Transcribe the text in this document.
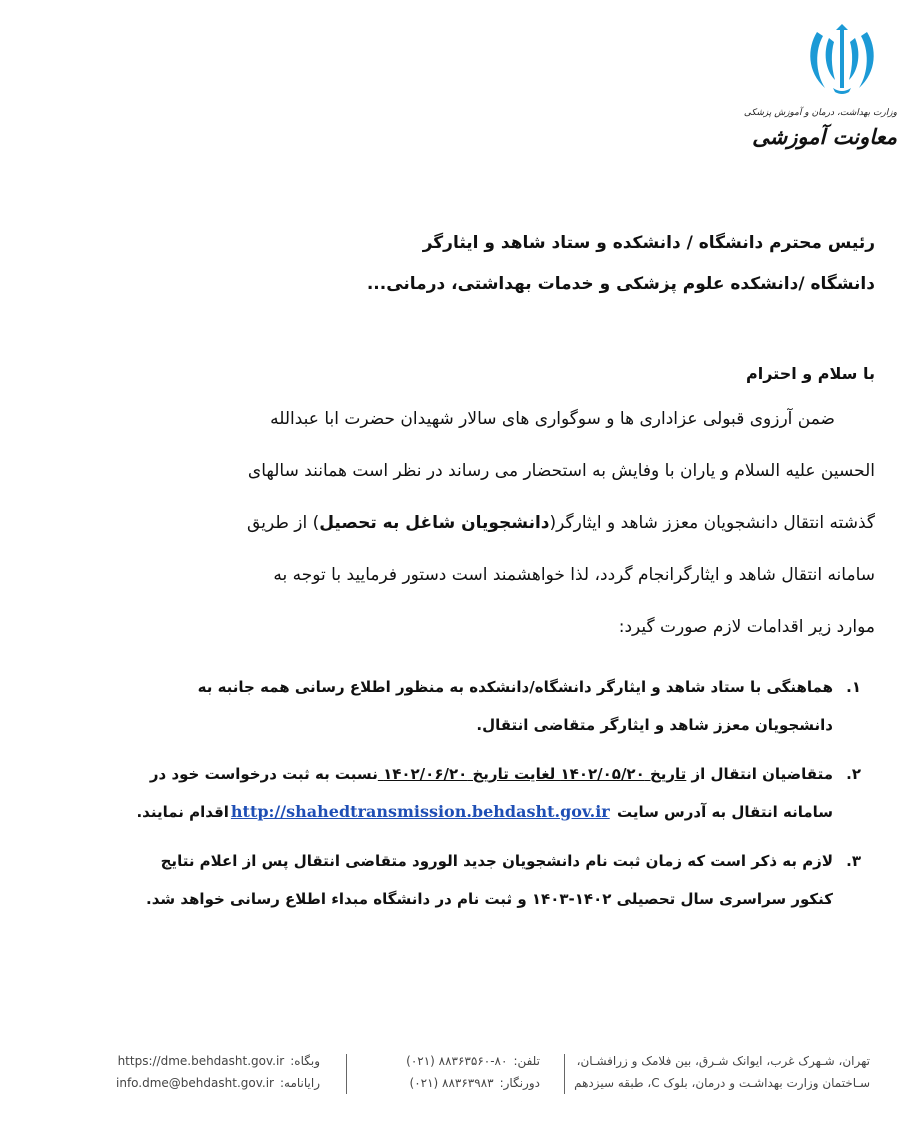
وزارت بهداشت، درمان و آموزش پزشکی
معاونت آموزشی
رئیس محترم دانشگاه / دانشکده و ستاد شاهد و ایثارگر
دانشگاه /دانشکده علوم پزشکی و خدمات بهداشتی، درمانی...
با سلام و احترام
ضمن آرزوی قبولی عزاداری ها و سوگواری های سالار شهیدان حضرت ابا عبدالله
الحسین علیه السلام و یاران با وفایش به استحضار می رساند در نظر است همانند سالهای
گذشته انتقال دانشجویان معزز شاهد و ایثارگر(دانشجویان شاغل به تحصیل) از طریق
سامانه انتقال شاهد و ایثارگرانجام گردد، لذا خواهشمند است دستور فرمایید با توجه به
موارد زیر اقدامات لازم صورت گیرد:
۱.
هماهنگی با ستاد شاهد و ایثارگر دانشگاه/دانشکده به منظور اطلاع رسانی همه جانبه به
دانشجویان معزز شاهد و ایثارگر متقاضی انتقال.
۲.
متقاضیان انتقال از تاریخ ۱۴۰۲/۰۵/۲۰ لغایت تاریخ ۱۴۰۲/۰۶/۲۰ نسبت به ثبت درخواست خود در
سامانه انتقال به آدرس سایت http://shahedtransmission.behdasht.gov.irاقدام نمایند.
۳.
لازم به ذکر است که زمان ثبت نام دانشجویان جدید الورود متقاضی انتقال پس از اعلام نتایج
کنکور سراسری سال تحصیلی ۱۴۰۲-۱۴۰۳ و ثبت نام در دانشگاه مبداء اطلاع رسانی خواهد شد.
تهران، شـهرک غرب، ایوانک شـرق، بین فلامک و زرافشـان،
سـاختمان وزارت بهداشـت و درمان، بلوک C، طبقه سیزدهم
تلفن:(۰۲۱) ۸۸۳۶۳۵۶۰-۸۰
دورنگار:(۰۲۱) ۸۸۳۶۳۹۸۳
وبگاه:https://dme.behdasht.gov.ir
رایانامه:info.dme@behdasht.gov.ir
